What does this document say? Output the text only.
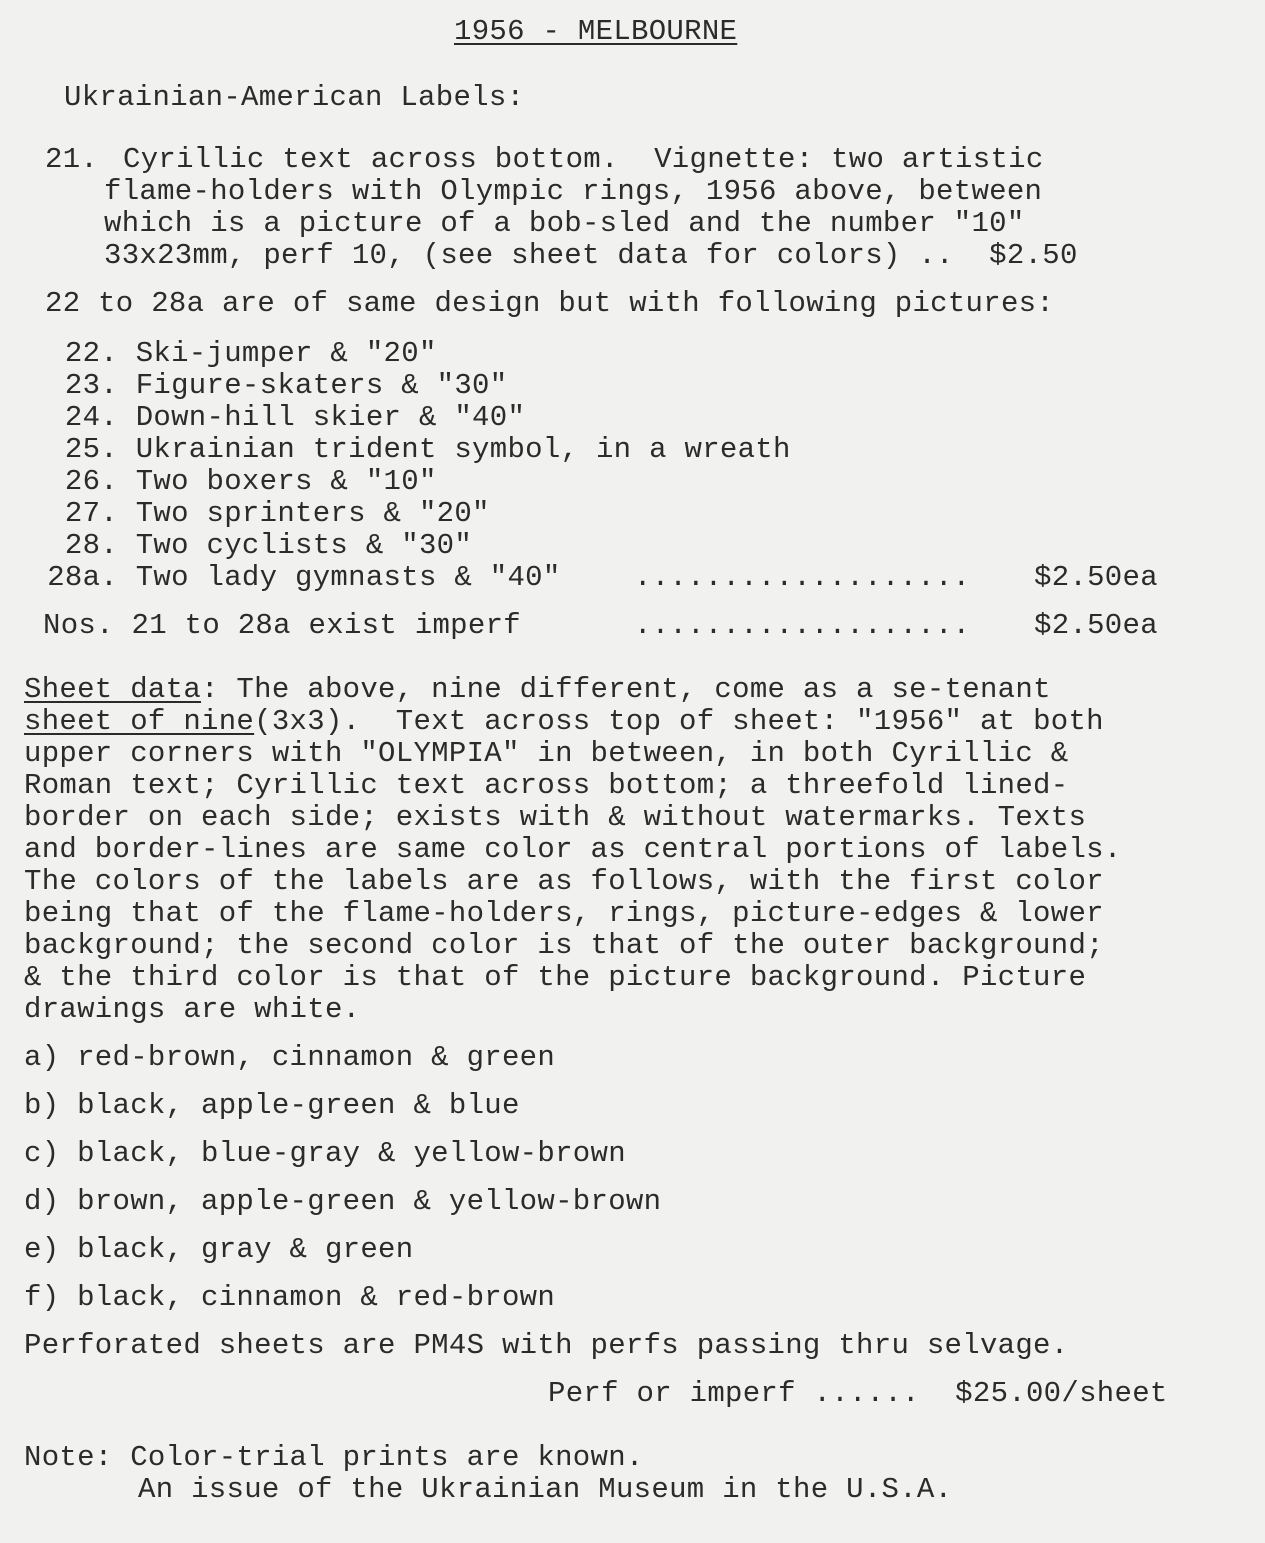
1956 - MELBOURNE
Ukrainian-American Labels:
21. Cyrillic text across bottom.  Vignette: two artistic
flame-holders with Olympic rings, 1956 above, between
which is a picture of a bob-sled and the number "10"
33x23mm, perf 10, (see sheet data for colors) ..  $2.50
22 to 28a are of same design but with following pictures:
22. Ski-jumper & "20"
23. Figure-skaters & "30"
24. Down-hill skier & "40"
25. Ukrainian trident symbol, in a wreath
26. Two boxers & "10"
27. Two sprinters & "20"
28. Two cyclists & "30"
28a. Two lady gymnasts & "40"	................... $2.50ea
Nos. 21 to 28a exist imperf	................... $2.50ea
Sheet data: The above, nine different, come as a se-tenant
sheet of nine(3x3).  Text across top of sheet: "1956" at both
upper corners with "OLYMPIA" in between, in both Cyrillic &
Roman text; Cyrillic text across bottom; a threefold lined-
border on each side; exists with & without watermarks. Texts
and border-lines are same color as central portions of labels.
The colors of the labels are as follows, with the first color
being that of the flame-holders, rings, picture-edges & lower
background; the second color is that of the outer background;
& the third color is that of the picture background. Picture
drawings are white.
a) red-brown, cinnamon & green
b) black, apple-green & blue
c) black, blue-gray & yellow-brown
d) brown, apple-green & yellow-brown
e) black, gray & green
f) black, cinnamon & red-brown
Perforated sheets are PM4S with perfs passing thru selvage.
Perf or imperf ......  $25.00/sheet
Note: Color-trial prints are known.
An issue of the Ukrainian Museum in the U.S.A.
